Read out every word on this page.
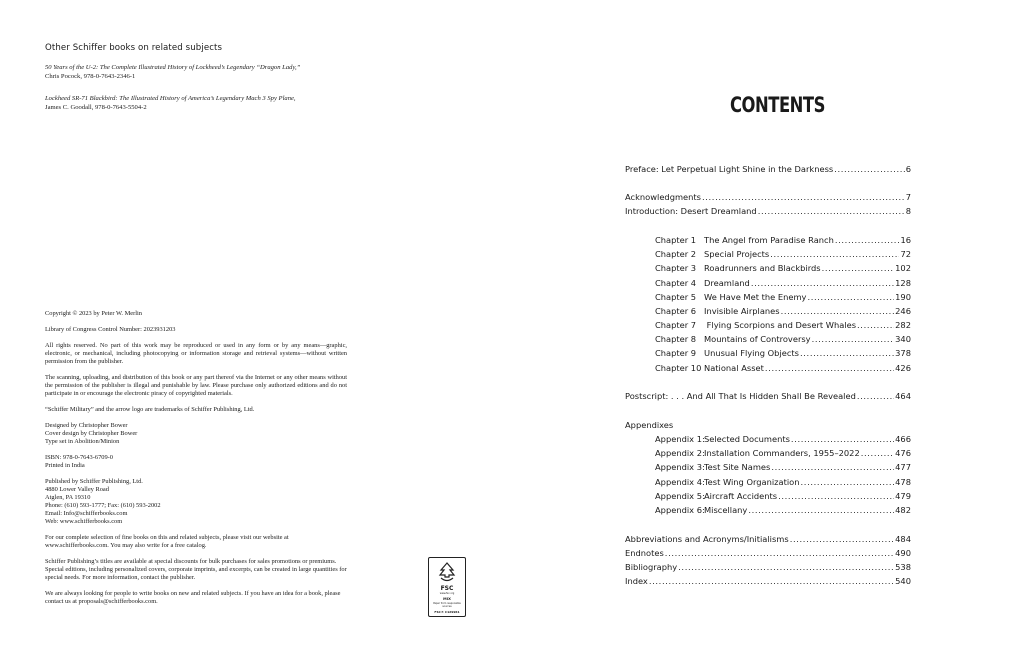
Other Schiffer books on related subjects
50 Years of the U-2: The Complete Illustrated History of Lockheed’s Legendary “Dragon Lady,”
Chris Pocock, 978-0-7643-2346-1
Lockheed SR-71 Blackbird: The Illustrated History of America’s Legendary Mach 3 Spy Plane,
James C. Goodall, 978-0-7643-5504-2

Copyright © 2023 by Peter W. Merlin

Library of Congress Control Number: 2023931203

All rights reserved. No part of this work may be reproduced or used in any form or by any means—graphic, electronic, or mechanical, including photocopying or information storage and retrieval systems—without written permission from the publisher.

The scanning, uploading, and distribution of this book or any part thereof via the Internet or any other means without the permission of the publisher is illegal and punishable by law. Please purchase only authorized editions and do not participate in or encourage the electronic piracy of copyrighted materials.

“Schiffer Military” and the arrow logo are trademarks of Schiffer Publishing, Ltd.

Designed by Christopher Bower
Cover design by Christopher Bower

Type set in Abolition/Minion

ISBN: 978-0-7643-6709-0

Printed in India

Published by Schiffer Publishing, Ltd.
4880 Lower Valley Road
Atglen, PA 19310
Phone: (610) 593-1777; Fax: (610) 593-2002
Email: Info@schifferbooks.com

Web: www.schifferbooks.com

For our complete selection of fine books on this and related subjects, please visit our website at www.schifferbooks.com. You may also write for a free catalog.

Schiffer Publishing’s titles are available at special discounts for bulk purchases for sales promotions or premiums. Special editions, including personalized covers, corporate imprints, and excerpts, can be created in large quantities for special needs. For more information, contact the publisher.

We are always looking for people to write books on new and related subjects. If you have an idea for a book, please contact us at proposals@schifferbooks.com.

FSC
www.fsc.org
MIX
Paper from responsible sources
FSC® C129961
CONTENTS
Preface: Let Perpetual Light Shine in the Darkness . . .	6
Acknowledgments . . .	7
Introduction: Desert Dreamland . . .	8
Chapter 1 The Angel from Paradise Ranch . . .	16
Chapter 2 Special Projects . . .	72
Chapter 3 Roadrunners and Blackbirds . . .	102
Chapter 4 Dreamland . . .	128
Chapter 5 We Have Met the Enemy . . .	190
Chapter 6 Invisible Airplanes . . .	246
Chapter 7 Flying Scorpions and Desert Whales . . .	282
Chapter 8 Mountains of Controversy . . .	340
Chapter 9 Unusual Flying Objects . . .	378
Chapter 10 National Asset . . .	426
Postscript: . . . And All That Is Hidden Shall Be Revealed . . .	464
Appendixes
Appendix 1: Selected Documents . . .	466
Appendix 2: Installation Commanders, 1955–2022 . . .	476
Appendix 3: Test Site Names . . .	477
Appendix 4: Test Wing Organization . . .	478
Appendix 5: Aircraft Accidents . . .	479
Appendix 6: Miscellany . . .	482
Abbreviations and Acronyms/Initialisms . . .	484
Endnotes . . .	490
Bibliography . . .	538
Index . . .	540
